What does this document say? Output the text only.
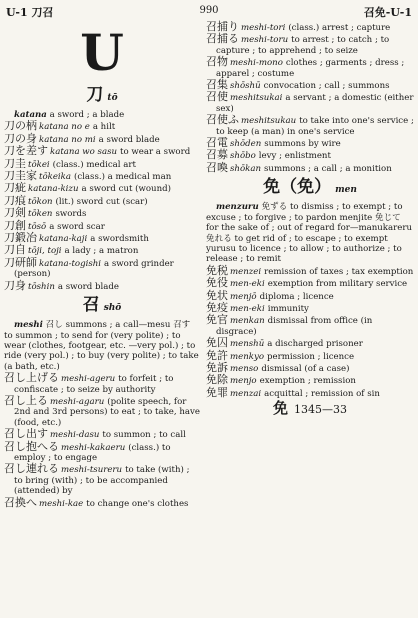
U-1 刀召	990	召免-U-1
U
刀tō
katana a sword ; a blade
刀の柄 katana no e a hilt
刀の身 katana no mi a sword blade
刀を差す katana wo sasu to wear a sword
刀圭 tōkei (class.) medical art
刀圭家 tōkeika (class.) a medical man
刀疵 katana-kizu a sword cut (wound)
刀痕 tōkon (lit.) sword cut (scar)
刀剣 tōken swords
刀創 tōsō a sword scar
刀鍛冶 katana-kaji a swordsmith
刀自 tōji, toji a lady ; a matron
刀研師 katana-togishi a sword grinder (person)
刀身 tōshin a sword blade
召shō
meshi 召し summons ; a call—mesu 召す to summon ; to send for (very polite) ; to wear (clothes, footgear, etc. —very pol.) ; to ride (very pol.) ; to buy (very polite) ; to take (a bath, etc.)
召し上げる meshi-ageru to forfeit ; to confiscate ; to seize by authority
召し上る meshi-agaru (polite speech, for 2nd and 3rd persons) to eat ; to take, have (food, etc.)
召し出す meshi-dasu to summon ; to call
召し抱へる meshi-kakaeru (class.) to employ ; to engage
召し連れる meshi-tsureru to take (with) ; to bring (with) ; to be accompanied (attended) by
召換へ meshi-kae to change one's clothes
召捕り meshi-tori (class.) arrest ; capture
召捕る meshi-toru to arrest ; to catch ; to capture ; to apprehend ; to seize
召物 meshi-mono clothes ; garments ; dress ; apparel ; costume
召集 shōshū convocation ; call ; summons
召使 meshitsukai a servant ; a domestic (either sex)
召使ふ meshitsukau to take into one's service ; to keep (a man) in one's service
召電 shōden summons by wire
召募 shōbo levy ; enlistment
召喚 shōkan summons ; a call ; a monition
免（免） men
menzuru 免ずる to dismiss ; to exempt ; to excuse ; to forgive ; to pardon menjite 免じて for the sake of ; out of regard for—manukareru 免れる to get rid of ; to escape ; to exempt yurusu to licence ; to allow ; to authorize ; to release ; to remit
免税 menzei remission of taxes ; tax exemption
免役 men-eki exemption from military service
免状 menjō diploma ; licence
免疫 men-eki immunity
免官 menkan dismissal from office (in disgrace)
免囚 menshū a discharged prisoner
免許 menkyo permission ; licence
免訴 menso dismissal (of a case)
免除 menjo exemption ; remission
免罪 menzai acquittal ; remission of sin
免 1345—33
